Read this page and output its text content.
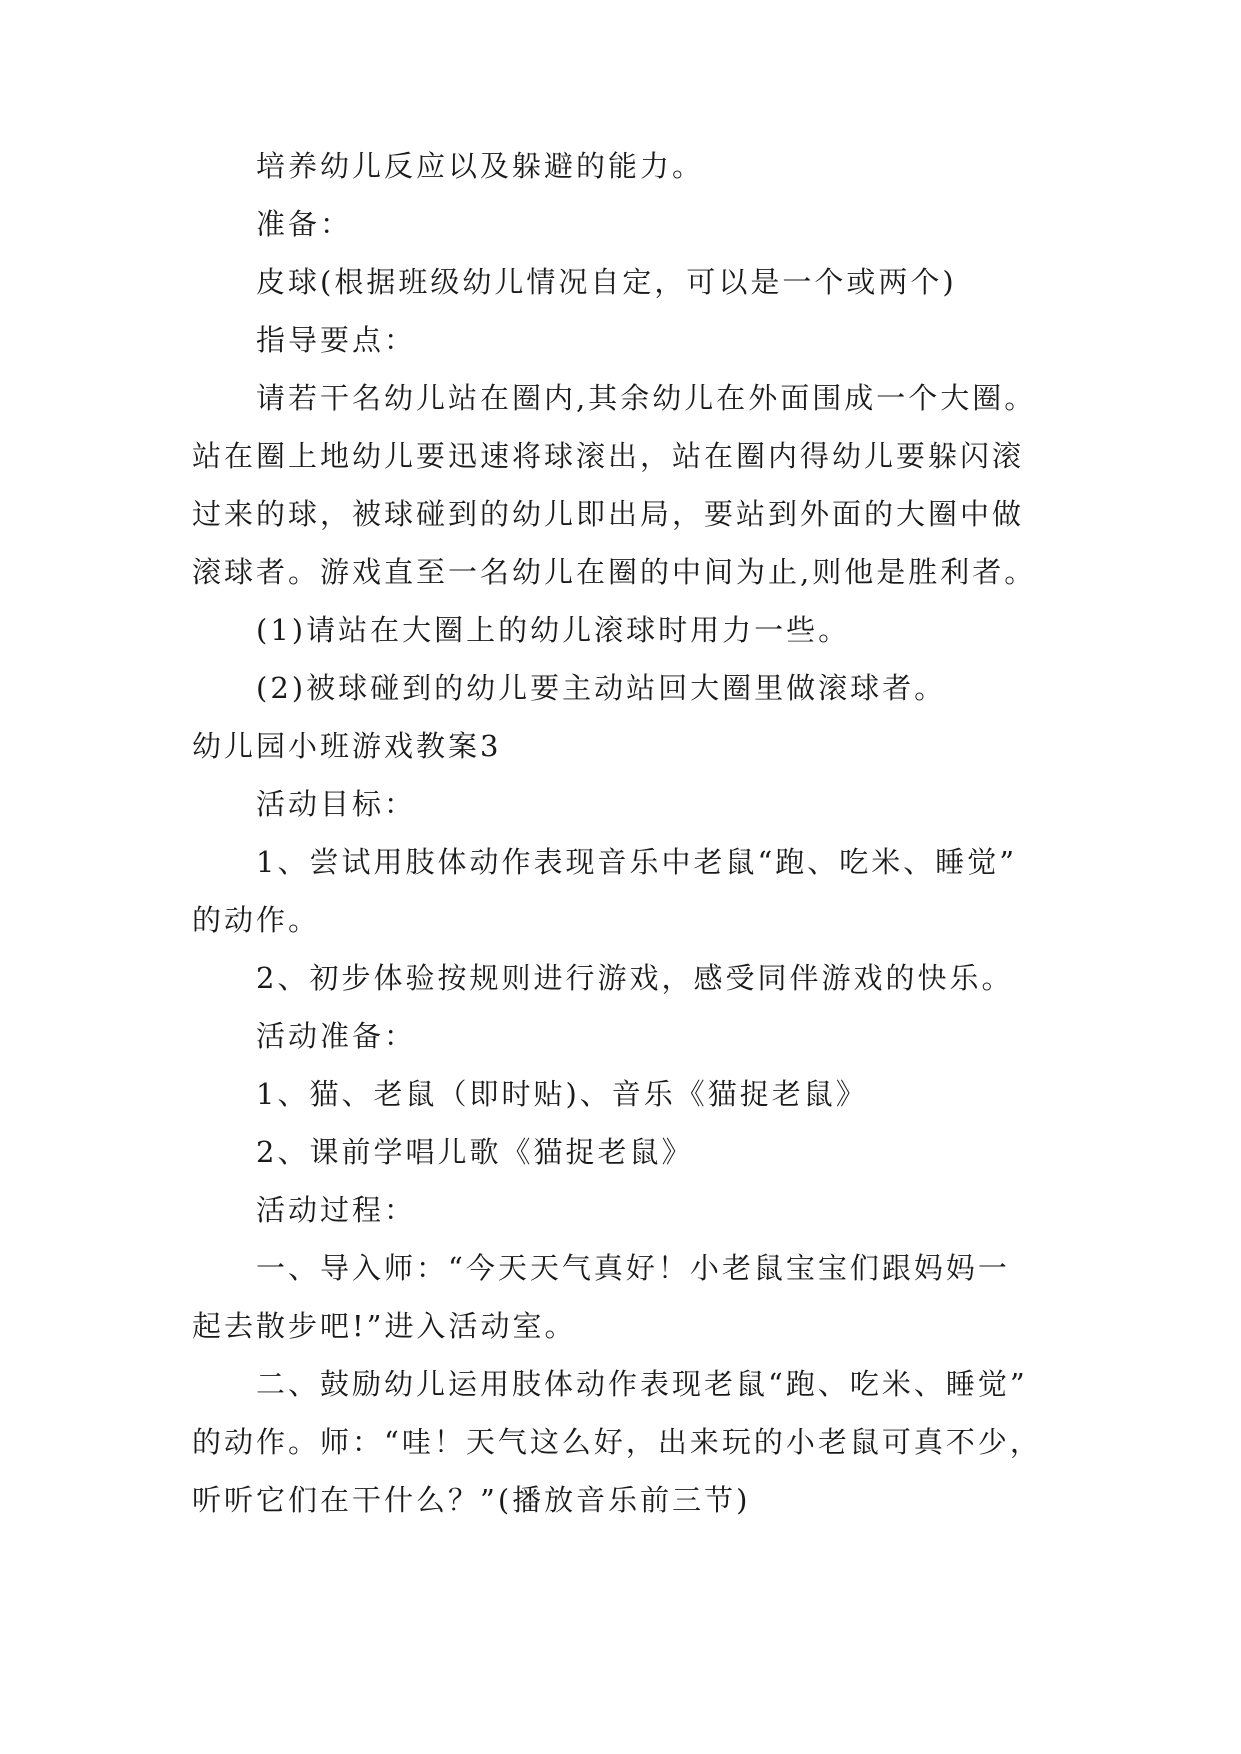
培养幼儿反应以及躲避的能力。
准备：
皮球(根据班级幼儿情况自定，可以是一个或两个)
指导要点：
请若干名幼儿站在圈内,其余幼儿在外面围成一个大圈。
站在圈上地幼儿要迅速将球滚出，站在圈内得幼儿要躲闪滚
过来的球，被球碰到的幼儿即出局，要站到外面的大圈中做
滚球者。游戏直至一名幼儿在圈的中间为止,则他是胜利者。
(1)请站在大圈上的幼儿滚球时用力一些。
(2)被球碰到的幼儿要主动站回大圈里做滚球者。
幼儿园小班游戏教案3
活动目标：
1、尝试用肢体动作表现音乐中老鼠“跑、吃米、睡觉”
的动作。
2、初步体验按规则进行游戏，感受同伴游戏的快乐。
活动准备：
1、猫、老鼠（即时贴)、音乐《猫捉老鼠》
2、课前学唱儿歌《猫捉老鼠》
活动过程：
一、导入师：“今天天气真好！小老鼠宝宝们跟妈妈一
起去散步吧!”进入活动室。
二、鼓励幼儿运用肢体动作表现老鼠“跑、吃米、睡觉”
的动作。师：“哇！天气这么好，出来玩的小老鼠可真不少，
听听它们在干什么？”(播放音乐前三节)
